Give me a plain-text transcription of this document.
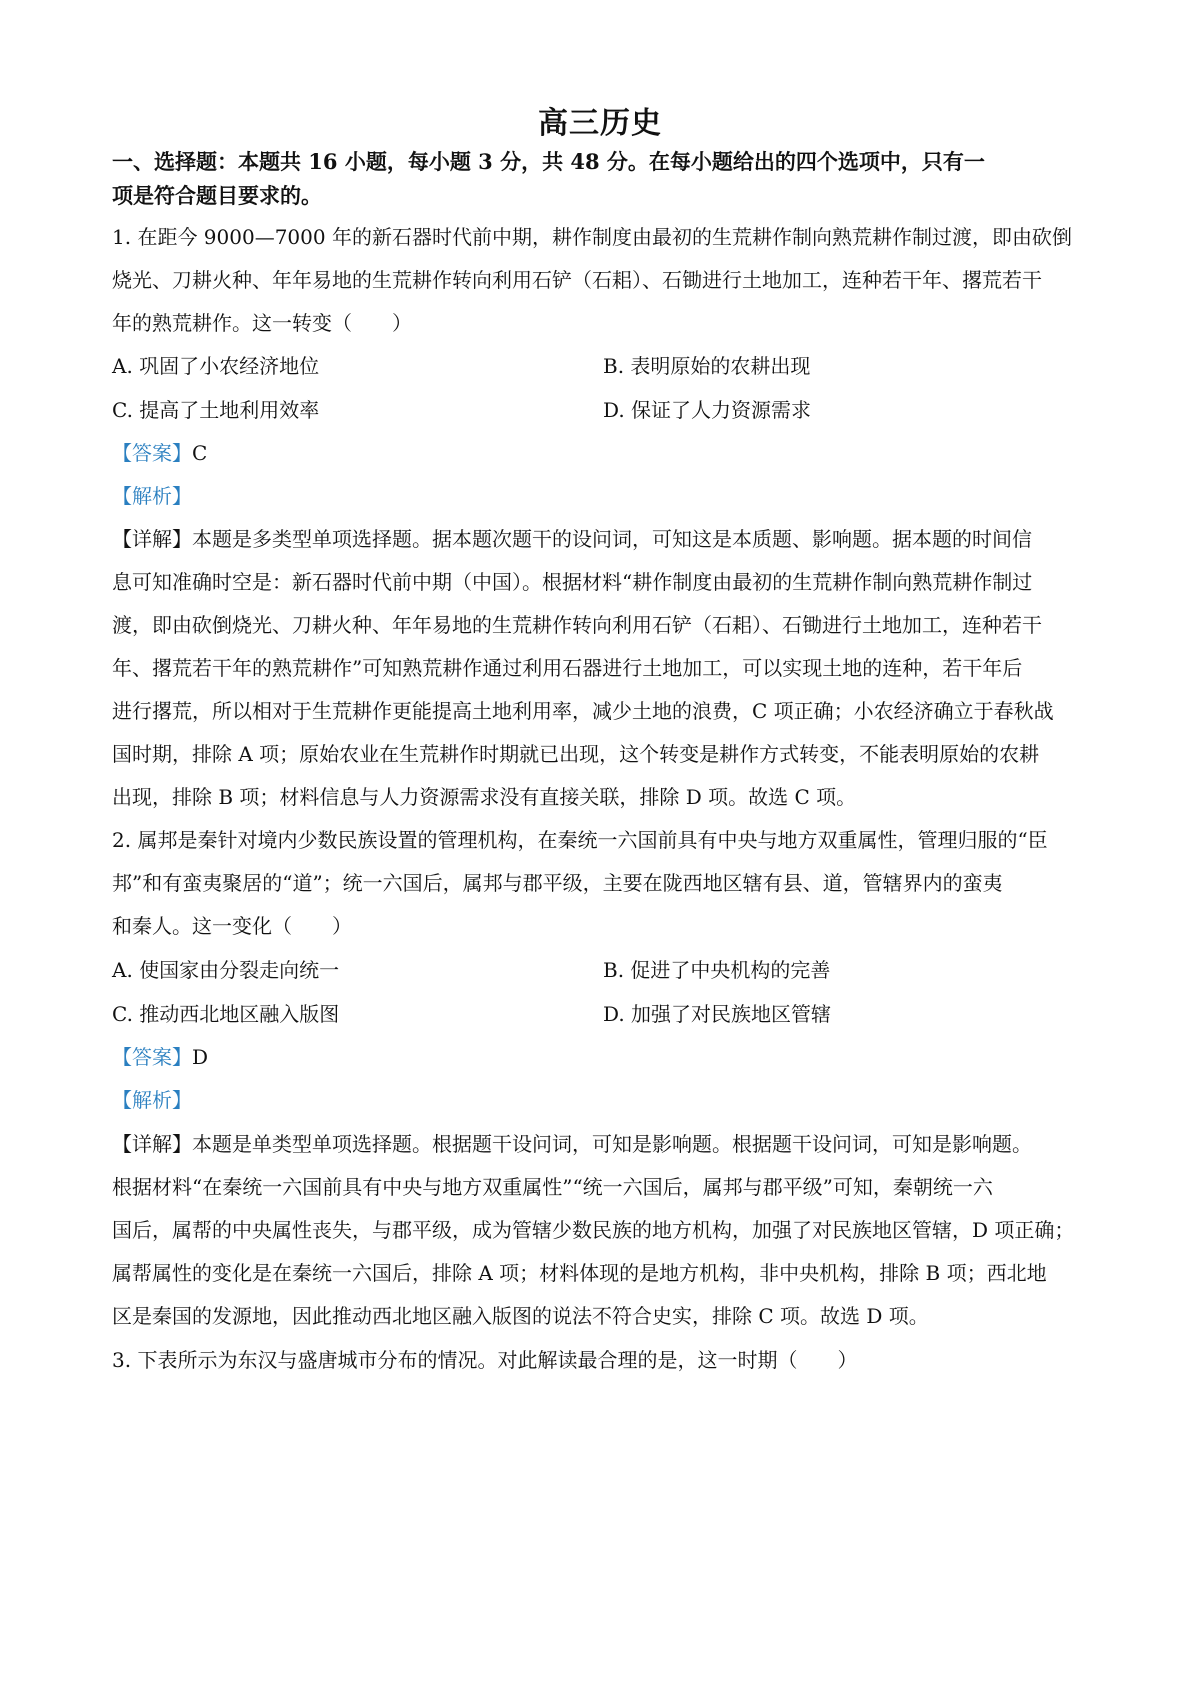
高三历史
一、选择题：本题共 16 小题，每小题 3 分，共 48 分。在每小题给出的四个选项中，只有一
项是符合题目要求的。
1. 在距今 9000—7000 年的新石器时代前中期，耕作制度由最初的生荒耕作制向熟荒耕作制过渡，即由砍倒
烧光、刀耕火种、年年易地的生荒耕作转向利用石铲（石耜）、石锄进行土地加工，连种若干年、撂荒若干
年的熟荒耕作。这一转变（　　）
A. 巩固了小农经济地位	B. 表明原始的农耕出现
C. 提高了土地利用效率	D. 保证了人力资源需求
【答案】C
【解析】
【详解】本题是多类型单项选择题。据本题次题干的设问词，可知这是本质题、影响题。据本题的时间信
息可知准确时空是：新石器时代前中期（中国）。根据材料“耕作制度由最初的生荒耕作制向熟荒耕作制过
渡，即由砍倒烧光、刀耕火种、年年易地的生荒耕作转向利用石铲（石耜）、石锄进行土地加工，连种若干
年、撂荒若干年的熟荒耕作”可知熟荒耕作通过利用石器进行土地加工，可以实现土地的连种，若干年后
进行撂荒，所以相对于生荒耕作更能提高土地利用率，减少土地的浪费，C 项正确；小农经济确立于春秋战
国时期，排除 A 项；原始农业在生荒耕作时期就已出现，这个转变是耕作方式转变，不能表明原始的农耕
出现，排除 B 项；材料信息与人力资源需求没有直接关联，排除 D 项。故选 C 项。
2. 属邦是秦针对境内少数民族设置的管理机构，在秦统一六国前具有中央与地方双重属性，管理归服的“臣
邦”和有蛮夷聚居的“道”；统一六国后，属邦与郡平级，主要在陇西地区辖有县、道，管辖界内的蛮夷
和秦人。这一变化（　　）
A. 使国家由分裂走向统一	B. 促进了中央机构的完善
C. 推动西北地区融入版图	D. 加强了对民族地区管辖
【答案】D
【解析】
【详解】本题是单类型单项选择题。根据题干设问词，可知是影响题。根据题干设问词，可知是影响题。
根据材料“在秦统一六国前具有中央与地方双重属性”“统一六国后，属邦与郡平级”可知，秦朝统一六
国后，属帮的中央属性丧失，与郡平级，成为管辖少数民族的地方机构，加强了对民族地区管辖，D 项正确；
属帮属性的变化是在秦统一六国后，排除 A 项；材料体现的是地方机构，非中央机构，排除 B 项；西北地
区是秦国的发源地，因此推动西北地区融入版图的说法不符合史实，排除 C 项。故选 D 项。
3. 下表所示为东汉与盛唐城市分布的情况。对此解读最合理的是，这一时期（　　）
